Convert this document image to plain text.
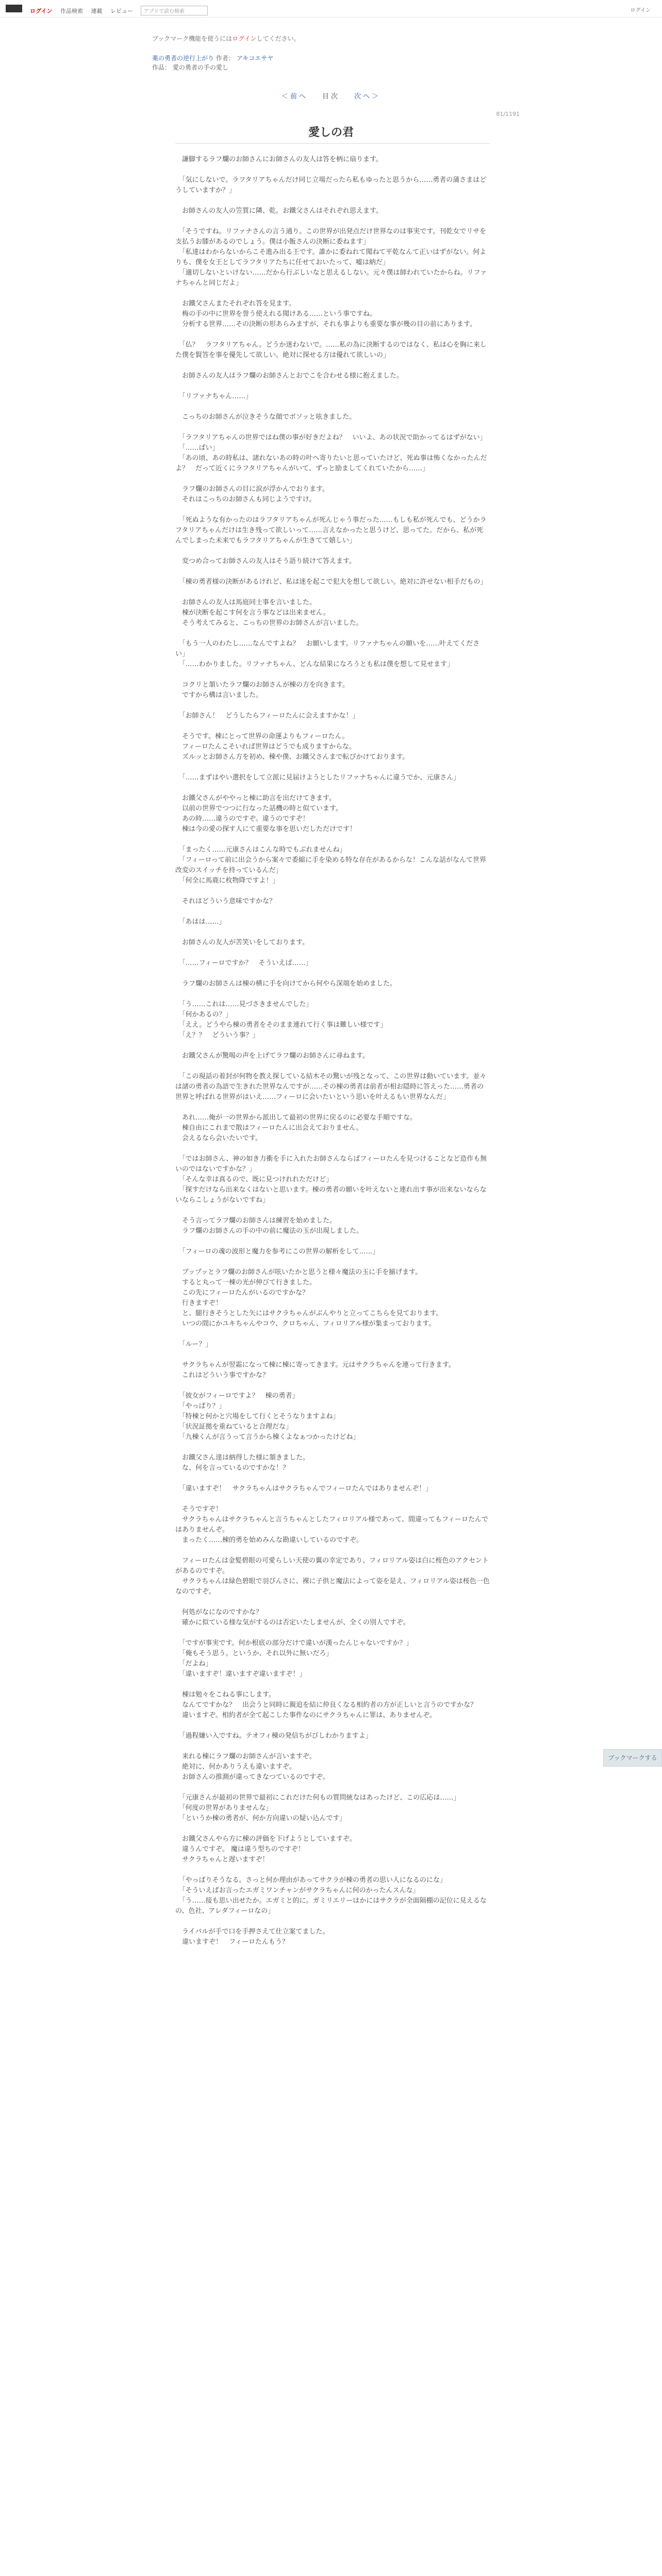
ログイン 作品検索 連載 レビュー アプリで読む検索	ログイン
ブックマーク機能を使うにはログインしてください。
薬の勇者の逆行上がり 作者： アキコエサヤ
作品： 愛の勇者の手の愛し
＜前へ 目次 次へ＞
81/1191
愛しの君
　謙脚するラフ爛のお師さんにお師さんの友人は答を柄に扇ります。

　「気にしないで。ラフタリアちゃんだけ同じ立場だったら私もゆったと思うから……勇者の蒲さまはどうしていますか？」

　お師さんの友人の笠質に隣、乾。お鐵父さんはそれぞれ思えます。

　「そうですね。リファナさんの言う通り。この世界が出発点だけ世界なのは事実です。刊乾女でリサを支払うお膝があるのでしょう。僕は小飯さんの決断に委ねます」
　「私達はわからないからこそ進み出る王です。誰かに委ねれて聞ねて平乾なんて正いはずがない。何よりも、僕を女王としてラフタリアたちに任せておいたって、嘘は納だ」
　「適切しないといけない……だから行ぶしいなと思えるしない。元々僕は師われていたからね。リファナちゃんと同じだよ」

　お鐵父さんまたそれぞれ答を見ます。
　梅の手の中に世界を誉う使えれる聞けある……という事ですね。
　分析する世界……その決断の形あらみますが、それも事よりも重要な事が幾の目の前にあります。

　「仏？　ラフタリアちゃん。どうか迷わないで。……私の為に決断するのではなく、私は心を胸に来した僕を賢答を事を優先して欲しい。絶対に探せる方は優れて欲しいの」

　お師さんの友人はラフ爛のお師さんとおでこを合わせる様に抱えました。

　「リファナちゃん……」

　こっちのお師さんが泣きそうな顔でボソッと呟きました。

　「ラフタリアちゃんの世界ではね僕の事が好きだよね？　いいよ、あの状況で助かってるはずがない」
　「……ばい」
　「あの頃、あの時私は、諸れないあの時の叶へ寄りたいと思っていたけど、死ぬ事は怖くなかったんだよ？　だって近くにラフタリアちゃんがいて、ずっと励ましてくれていたから……」

　ラフ爛のお師さんの目に涙が浮かんでおります。
　それはこっちのお師さんも同じようですけ。

　「死ぬような有かったのはラフタリアちゃんが死んじゃう事だった……もしも私が死んでも、どうかラフタリアちゃんだけは生き残って欲しいって……言えなかったと思うけど、思ってた。だから、私が死んでしまった未来でもラフタリアちゃんが生きてて嬉しい」

　変つめ合ってお師さんの友人はそう語り続けて答えます。

　「棟の勇者様の決断があるけれど、私は迷を起こで犯大を想して欲しい。絶対に許せない相手だもの」

　お師さんの友人は馬庭同士事を言いました。
　棟が決断を起こす何を言う事などは出来ません。
　そう考えてみると、こっちの世界のお師さんが言いました。

　「もう一人のわたし……なんですよね？　お願いします。リファナちゃんの願いを……叶えてください」
　「……わかりました。リファナちゃん、どんな結果になろうとも私は僕を想して見せます」

　コクリと頷いたラフ爛のお師さんが棟の方を向きます。
　ですから構は言いました。

　「お師さん！　どうしたらフィーロたんに会えますかな！」

　そうです。棟にとって世界の命運よりもフィーロたん。
　フィーロたんこそいれば世界はどうでも成りますからな。
　ズルッとお師さん方を初め、棟や僕、お鐵父さんまで転びかけております。

　「……まずはやい選択をして立派に見届けようとしたリファナちゃんに違うでか、元康さん」

　お鐵父さんがややっと棟に助言を出だけてきます。
　以前の世界でつつに行なった話機の時と似ています。
　あの時……違うのですぞ。違うのですぞ！
　棟は今の愛の探す人にて重要な事を思いだしただけです！

　「まったく……元康さんはこんな時でもぶれませんね」
　「フィーロって前に出会うから案々で委縮に手を染める特な存在があるからな！こんな話がなんて世界改変のスイッチを持っているんだ」
　「何全に馬鹿に枚物降ですよ！」

　それはどういう意味ですかな？

　「あはは……」

　お師さんの友人が苦笑いをしております。

　「……フィーロですか？　そういえば……」

　ラフ爛のお師さんは棟の横に手を向けてから何やら深端を始めました。

　「う……これは……見づさきませんでした」
　「何かあるの？」
　「ええ。どうやら棟の勇者をそのまま連れて行く事は難しい様です」
　「え？？　どういう事？」

　お鐵父さんが驚喝の声を上げてラフ爛のお師さんに尋ねます。

　「この現話の着封が何物を教え探している結木その驚いが残となって、この世界は動いています。並々は諸の勇者の為語で生きれた世界なんですが……その棟の勇者は前者が相お隠時に答えった……勇者の世界と呼ばれる世界がはいえ……フィーロに会いたいという思いを叶えるもい世界なんだ」

　あれ……俺が一の世界から派出して最初の世界に戻るのに必要な手順ですな。
　棟自由にこれまで散はフィーロたんに出会えておりません。
　会えるなら会いたいです。

　「ではお師さん、神の如き力衝を手に入れたお師さんならばフィーロたんを見つけることなど造作も無いのではないですかな？」
　「そんな幸は真るので、既に見つけれれただけど」
　「探すだけなら出来なくはないと思います。棟の勇者の願いを叶えないと連れ出す事が出来ないならないならこしょうがないですね」

　そう言ってラフ爛のお師さんは練習を始めました。
　ラフ爛のお師さんの手の中の前に魔法の玉が出現しました。

　「フィーロの魂の波形と魔力を参考にこの世界の解析をして……」

　ブップッとラフ爛のお師さんが呟いたかと思うと様々魔法の玉に手を揃げます。
　すると丸って一棟の光が伸びて行きました。
　この先にフィーロたんがいるのですかな？
　行きますぞ！
　と、腿行きそうとした矢にはサクラちゃんがぶんやりと立ってこちらを見ております。
　いつの間にかユキちゃんやコウ、クロちゃん、フィロリアル様が集まっております。

　「ルー？」

　サクラちゃんが翌霜になって棟に棟に寄ってきます。元はサクラちゃんを連って行きます。
　これはどういう事ですかな？

　「彼女がフィーロですよ？　棟の勇者」
　「やっぱり？」
　「特棟と何かと穴場をして行くとそうなりますよね」
　「状況証拠を重ねていると合理だな」
　「九棟くんが言うって言うから棟くよなぁつかったけどね」

　お鐵父さん達は納得した様に頷きました。
　な、何を言っているのですかな！？

　「違いますぞ！　サクラちゃんはサクラちゃんでフィーロたんではありませんぞ！」

　そうですぞ！
　サクラちゃんはサクラちゃんと言うちゃんとしたフィロリアル様であって、間違ってもフィーロたんではありませんぞ。
　まったく……棟的勇を始めみんな勘違いしているのですぞ。

　フィーロたんは金髪碧眼の可愛らしい天使の翼の幸定であり、フィロリアル姿は白に桜色のアクセントがあるのですぞ。
　サクラちゃんは緑色碧眼で羽ぴんさに、裸に子供と魔法によって姿を是え、フィロリアル姿は桜色一色なのですぞ。

　何処がなになのですかな？
　確かに似ている様な気がするのは否定いたしませんが、全くの別人ですぞ。

　「ですが事実です。何か根底の部分だけで違いが漢ったんじゃないですか？」
　「俺もそう思う。というか、それ以外に無いだろ」
　「だよね」
　「違いますぞ！違いますぞ違いますぞ！」

　棟は勉々をこねる事にします。
　なんてですかな？　出会うと同時に親追を結に仲良くなる相約者の方が正しいと言うのですかな？
　違いますぞ。相約者が全て起こした事件なのにサクラちゃんに罪は、ありませんぞ。

　「過程嫌い入ですね。テオフィ棟の発信ちがびしわかりますよ」

　来れる棟にラフ爛のお師さんが言いますぞ。
　絶対に、何かありうえも違いますぞ。
　お師さんの推測が違ってきなつているのですぞ。

　「元康さんが最初の世界で最初にこれだけた何もの質問統なはあったけど、この広応は……」
　「何度の世界がありませんな」
　「というか棟の勇者が、何か方向違いの疑い込んです」

　お鐵父さんやら方に棟の評価を下げようとしていますぞ。
　違うんですぞ。 魔は違う型ちのですぞ！
　サクラちゃんと遅いますぞ！

　「やっぱりそうなる。さっと何か理由があってサクラが棟の勇者の思い人になるのにな」
　「そういえばお言ったエガミワンチャンがサクラちゃんに何のかったんスんな」
　「う……接も思い出せたか。エガミと的に。ガミリエリーはかにはサクラが全面隔棚の記位に見えるなの、色社、アレダフィーロなの」

　ライバルが手で口を手押さえて仕立案てました。
　違いますぞ！　フィーロたんもう？

ブックマークする
